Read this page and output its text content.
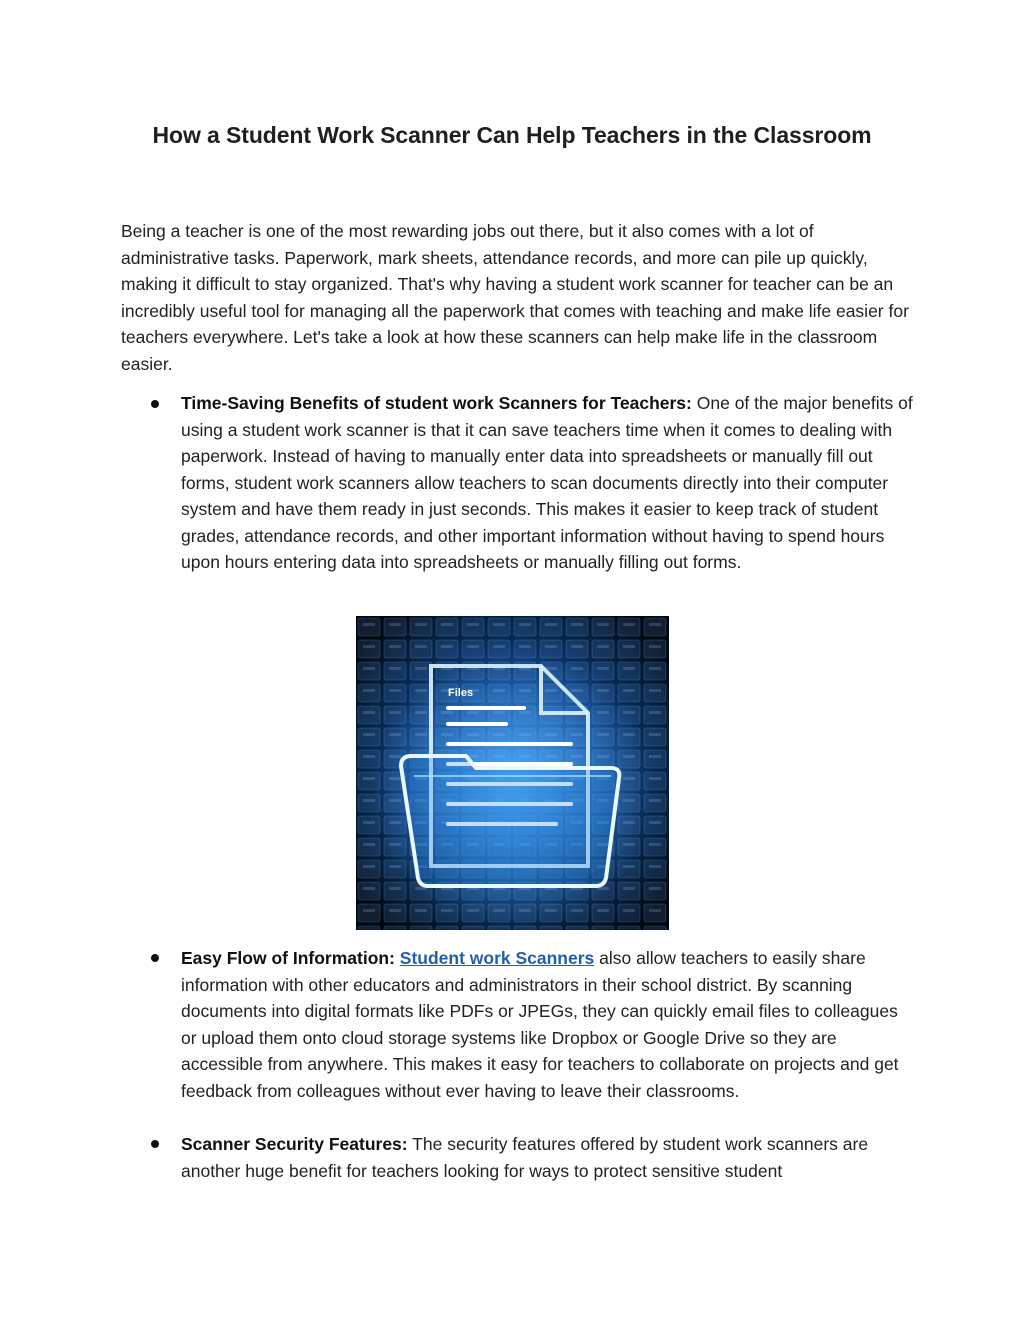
How a Student Work Scanner Can Help Teachers in the Classroom

Being a teacher is one of the most rewarding jobs out there, but it also comes with a lot of administrative tasks. Paperwork, mark sheets, attendance records, and more can pile up quickly, making it difficult to stay organized. That's why having a student work scanner for teacher can be an incredibly useful tool for managing all the paperwork that comes with teaching and make life easier for teachers everywhere. Let's take a look at how these scanners can help make life in the classroom easier.

Time-Saving Benefits of student work Scanners for Teachers: One of the major benefits of using a student work scanner is that it can save teachers time when it comes to dealing with paperwork. Instead of having to manually enter data into spreadsheets or manually fill out forms, student work scanners allow teachers to scan documents directly into their computer system and have them ready in just seconds. This makes it easier to keep track of student grades, attendance records, and other important information without having to spend hours upon hours entering data into spreadsheets or manually filling out forms.

Files

Easy Flow of Information: Student work Scanners also allow teachers to easily share information with other educators and administrators in their school district. By scanning documents into digital formats like PDFs or JPEGs, they can quickly email files to colleagues or upload them onto cloud storage systems like Dropbox or Google Drive so they are accessible from anywhere. This makes it easy for teachers to collaborate on projects and get feedback from colleagues without ever having to leave their classrooms.

Scanner Security Features: The security features offered by student work scanners are another huge benefit for teachers looking for ways to protect sensitive student
